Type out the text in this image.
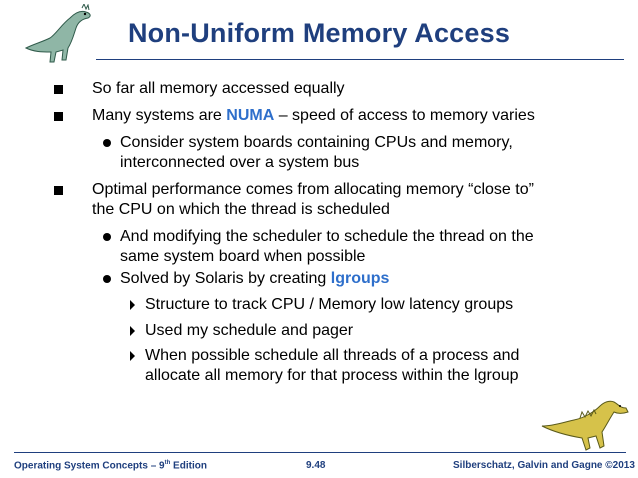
Non-Uniform Memory Access
So far all memory accessed equally
Many systems are NUMA – speed of access to memory varies
Consider system boards containing CPUs and memory,
interconnected over a system bus
Optimal performance comes from allocating memory “close to”
the CPU on which the thread is scheduled
And modifying the scheduler to schedule the thread on the
same system board when possible
Solved by Solaris by creating lgroups
Structure to track CPU / Memory low latency groups
Used my schedule and pager
When possible schedule all threads of a process and
allocate all memory for that process within the lgroup
Operating System Concepts – 9th Edition	9.48	Silberschatz, Galvin and Gagne ©2013
